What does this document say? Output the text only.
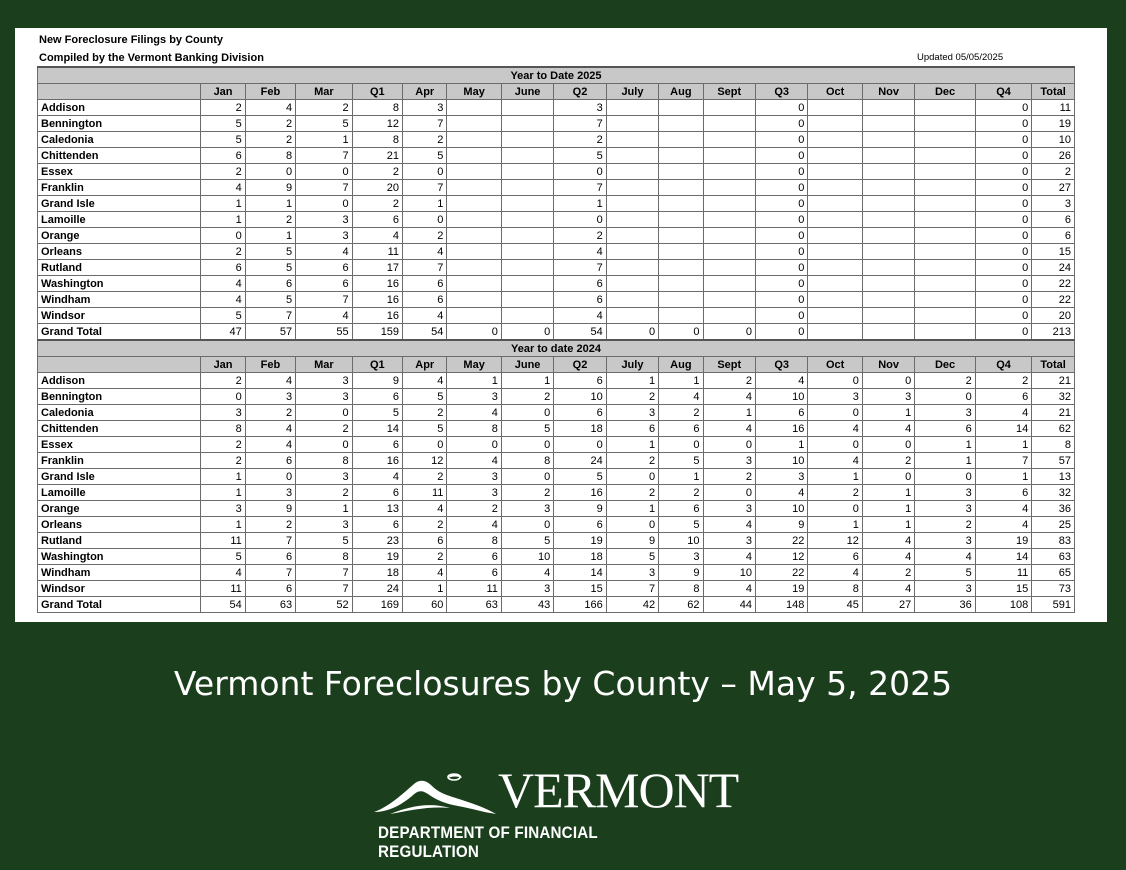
New Foreclosure Filings by County
Compiled by the Vermont Banking Division	Updated 05/05/2025
Year to Date 2025																	
	Jan	Feb	Mar	Q1	Apr	May	June	Q2	July	Aug	Sept	Q3	Oct	Nov	Dec	Q4	Total
Addison	2	4	2	8	3			3				0				0	11
Bennington	5	2	5	12	7			7				0				0	19
Caledonia	5	2	1	8	2			2				0				0	10
Chittenden	6	8	7	21	5			5				0				0	26
Essex	2	0	0	2	0			0				0				0	2
Franklin	4	9	7	20	7			7				0				0	27
Grand Isle	1	1	0	2	1			1				0				0	3
Lamoille	1	2	3	6	0			0				0				0	6
Orange	0	1	3	4	2			2				0				0	6
Orleans	2	5	4	11	4			4				0				0	15
Rutland	6	5	6	17	7			7				0				0	24
Washington	4	6	6	16	6			6				0				0	22
Windham	4	5	7	16	6			6				0				0	22
Windsor	5	7	4	16	4			4				0				0	20
Grand Total	47	57	55	159	54	0	0	54	0	0	0	0				0	213
Year to date 2024																	
	Jan	Feb	Mar	Q1	Apr	May	June	Q2	July	Aug	Sept	Q3	Oct	Nov	Dec	Q4	Total
Addison	2	4	3	9	4	1	1	6	1	1	2	4	0	0	2	2	21
Bennington	0	3	3	6	5	3	2	10	2	4	4	10	3	3	0	6	32
Caledonia	3	2	0	5	2	4	0	6	3	2	1	6	0	1	3	4	21
Chittenden	8	4	2	14	5	8	5	18	6	6	4	16	4	4	6	14	62
Essex	2	4	0	6	0	0	0	0	1	0	0	1	0	0	1	1	8
Franklin	2	6	8	16	12	4	8	24	2	5	3	10	4	2	1	7	57
Grand Isle	1	0	3	4	2	3	0	5	0	1	2	3	1	0	0	1	13
Lamoille	1	3	2	6	11	3	2	16	2	2	0	4	2	1	3	6	32
Orange	3	9	1	13	4	2	3	9	1	6	3	10	0	1	3	4	36
Orleans	1	2	3	6	2	4	0	6	0	5	4	9	1	1	2	4	25
Rutland	11	7	5	23	6	8	5	19	9	10	3	22	12	4	3	19	83
Washington	5	6	8	19	2	6	10	18	5	3	4	12	6	4	4	14	63
Windham	4	7	7	18	4	6	4	14	3	9	10	22	4	2	5	11	65
Windsor	11	6	7	24	1	11	3	15	7	8	4	19	8	4	3	15	73
Grand Total	54	63	52	169	60	63	43	166	42	62	44	148	45	27	36	108	591
Vermont Foreclosures by County – May 5, 2025
VERMONT
DEPARTMENT OF FINANCIAL REGULATION
